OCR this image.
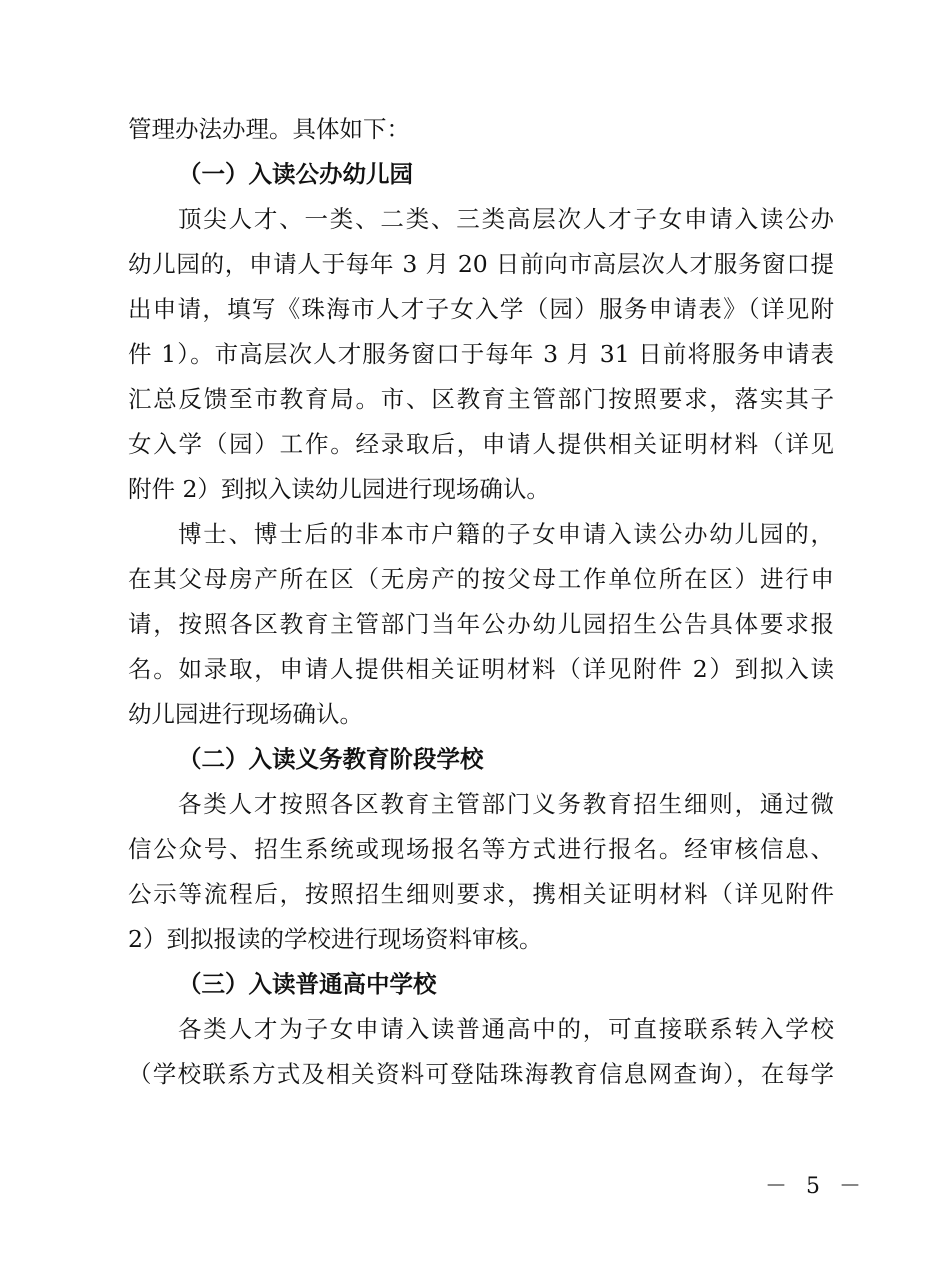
管理办法办理。具体如下：
（一）入读公办幼儿园
顶尖人才、一类、二类、三类高层次人才子女申请入读公办
幼儿园的，申请人于每年 3 月 20 日前向市高层次人才服务窗口提
出申请，填写《珠海市人才子女入学（园）服务申请表》（详见附
件 1）。市高层次人才服务窗口于每年 3 月 31 日前将服务申请表
汇总反馈至市教育局。市、区教育主管部门按照要求，落实其子
女入学（园）工作。经录取后，申请人提供相关证明材料（详见
附件 2）到拟入读幼儿园进行现场确认。
博士、博士后的非本市户籍的子女申请入读公办幼儿园的，
在其父母房产所在区（无房产的按父母工作单位所在区）进行申
请，按照各区教育主管部门当年公办幼儿园招生公告具体要求报
名。如录取，申请人提供相关证明材料（详见附件 2）到拟入读
幼儿园进行现场确认。
（二）入读义务教育阶段学校
各类人才按照各区教育主管部门义务教育招生细则，通过微
信公众号、招生系统或现场报名等方式进行报名。经审核信息、
公示等流程后，按照招生细则要求，携相关证明材料（详见附件
2）到拟报读的学校进行现场资料审核。
（三）入读普通高中学校
各类人才为子女申请入读普通高中的，可直接联系转入学校
（学校联系方式及相关资料可登陆珠海教育信息网查询），在每学
－ 5 －
